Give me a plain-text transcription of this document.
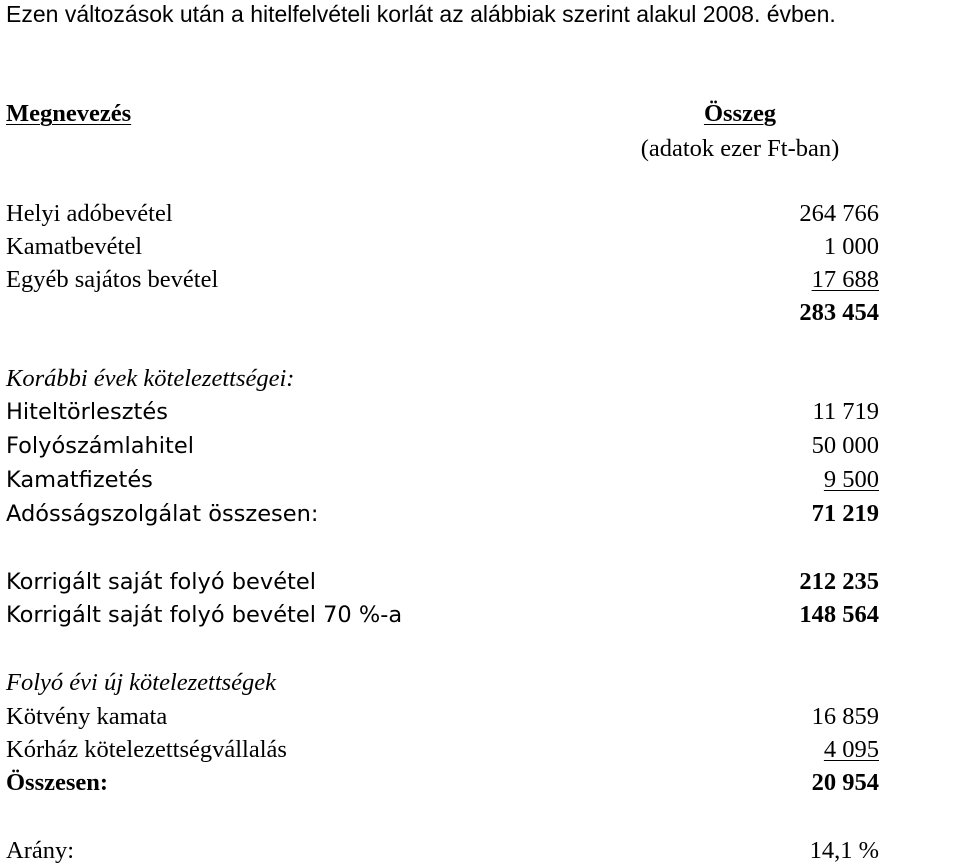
Ezen változások után a hitelfelvételi korlát az alábbiak szerint alakul 2008. évben.
Megnevezés	Összeg
(adatok ezer Ft-ban)
Helyi adóbevétel	264 766
Kamatbevétel	1 000
Egyéb sajátos bevétel	17 688
283 454
Korábbi évek kötelezettségei:
Hiteltörlesztés	11 719
Folyószámlahitel	50 000
Kamatfizetés	9 500
Adósságszolgálat összesen:	71 219
Korrigált saját folyó bevétel	212 235
Korrigált saját folyó bevétel 70 %-a	148 564
Folyó évi új kötelezettségek
Kötvény kamata	16 859
Kórház kötelezettségvállalás	4 095
Összesen:	20 954
Arány:	14,1 %
